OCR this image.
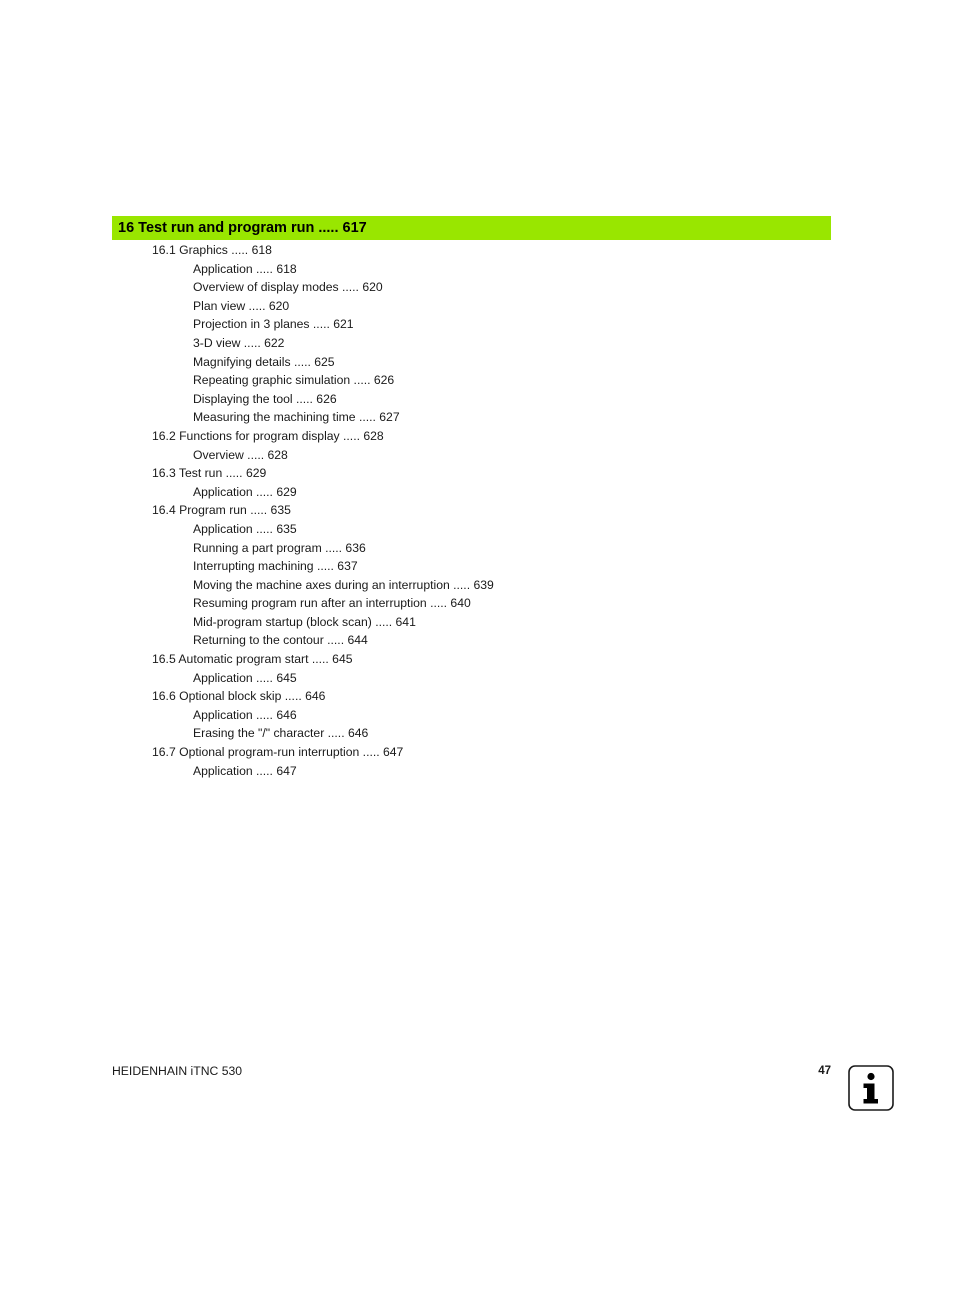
16 Test run and program run ..... 617
16.1 Graphics ..... 618
Application ..... 618
Overview of display modes ..... 620
Plan view ..... 620
Projection in 3 planes ..... 621
3-D view ..... 622
Magnifying details ..... 625
Repeating graphic simulation ..... 626
Displaying the tool ..... 626
Measuring the machining time ..... 627
16.2 Functions for program display ..... 628
Overview ..... 628
16.3 Test run ..... 629
Application ..... 629
16.4 Program run ..... 635
Application ..... 635
Running a part program ..... 636
Interrupting machining ..... 637
Moving the machine axes during an interruption ..... 639
Resuming program run after an interruption ..... 640
Mid-program startup (block scan) ..... 641
Returning to the contour ..... 644
16.5 Automatic program start ..... 645
Application ..... 645
16.6 Optional block skip ..... 646
Application ..... 646
Erasing the "/" character ..... 646
16.7 Optional program-run interruption ..... 647
Application ..... 647
HEIDENHAIN iTNC 530	47
